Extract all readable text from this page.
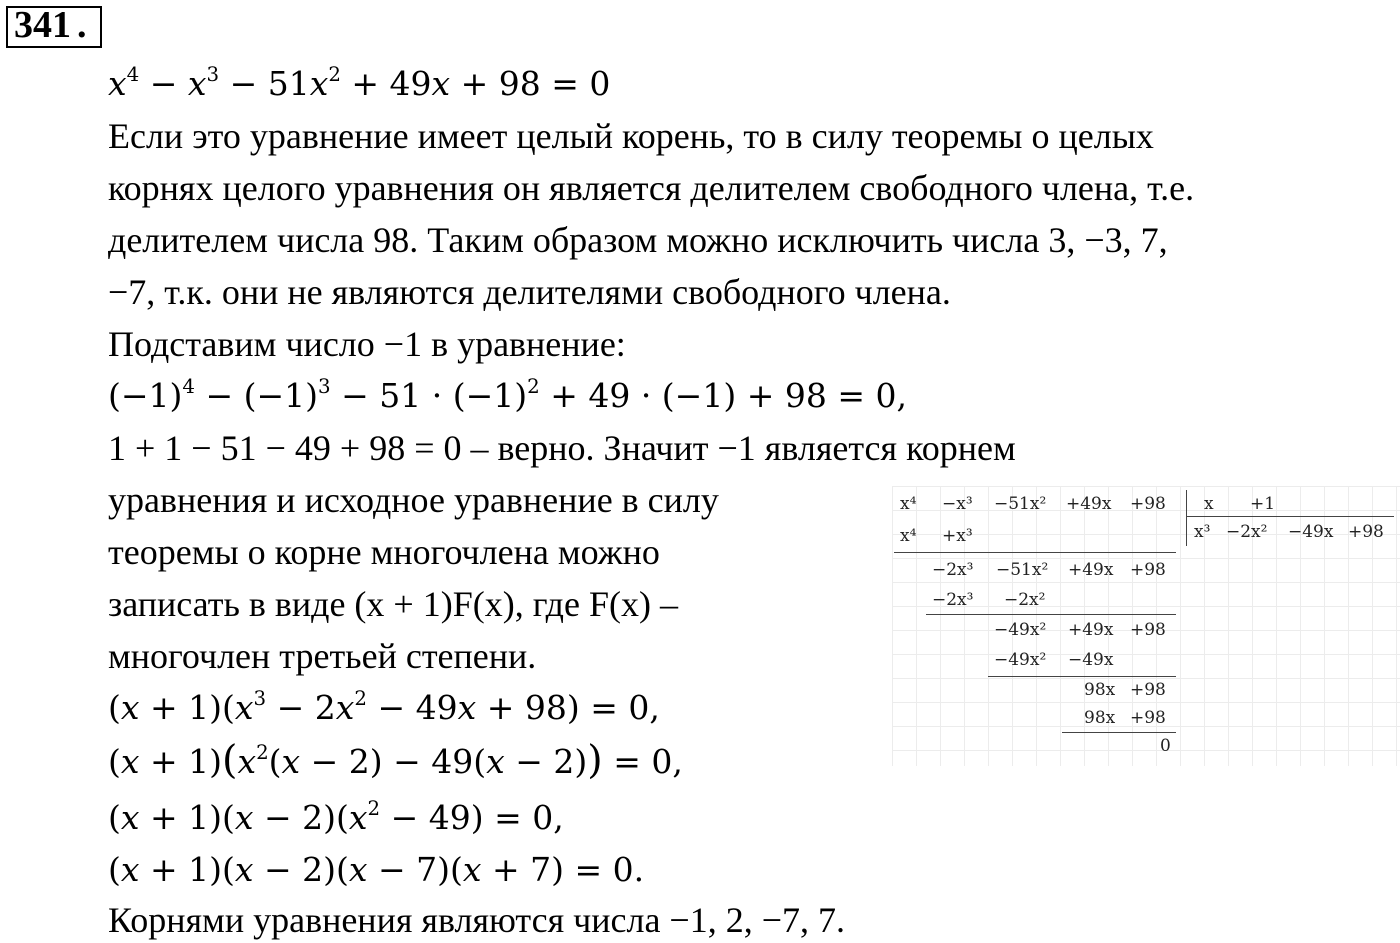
341 .
$x^4 - x^3 - 51x^2 + 49x + 98 = 0$
Если это уравнение имеет целый корень, то в силу теоремы о целых
корнях целого уравнения он является делителем свободного члена, т.е.
делителем числа 98. Таким образом можно исключить числа 3, −3, 7,
−7, т.к. они не являются делителями свободного члена.
Подставим число −1 в уравнение:
$(-1)^4 - (-1)^3 - 51 \cdot (-1)^2 + 49 \cdot (-1) + 98 = 0$,
1 + 1 − 51 − 49 + 98 = 0 – верно. Значит −1 является корнем
уравнения и исходное уравнение в силу
теоремы о корне многочлена можно
записать в виде (x + 1)F(x), где F(x) –
многочлен третьей степени.
$(x + 1)(x^3 - 2x^2 - 49x + 98) = 0$,
$(x + 1)(x^2(x - 2) - 49(x - 2)) = 0$,
$(x + 1)(x - 2)(x^2 - 49) = 0$,
(x + 1)(x − 2)(x − 7)(x + 7) = 0.
Корнями уравнения являются числа −1, 2, −7, 7.
x⁴ −x³ −51x² +49x +98 x +1
x³ −2x² −49x +98
x⁴ +x³
−2x³ −51x² +49x +98
−2x³ −2x²
−49x² +49x +98
−49x² −49x
98x +98
98x +98
0
